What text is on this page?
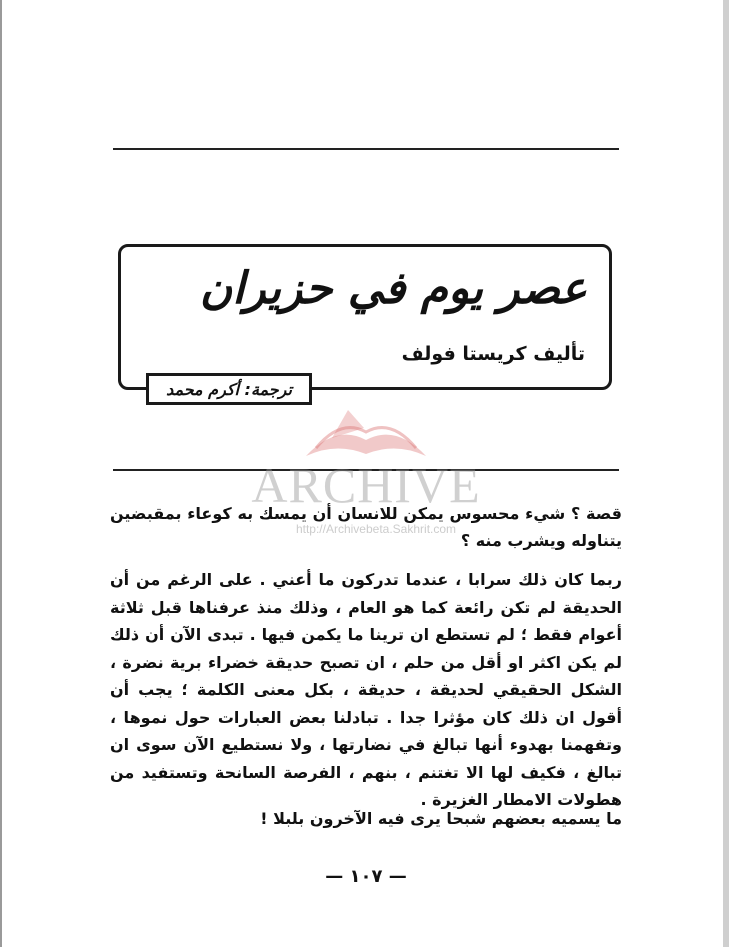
عصر يوم في حزيران
تأليف كريستا فولف
ترجمة: أكرم محمد
ARCHIVE
http://Archivebeta.Sakhrit.com
قصة ؟ شيء محسوس يمكن للانسان أن يمسك به كوعاء بمقبضين يتناوله ويشرب منه ؟
ربما كان ذلك سرابا ، عندما تدركون ما أعني . على الرغم من أن الحديقة لم تكن رائعة كما هو العام ، وذلك منذ عرفناها قبل ثلاثة أعوام فقط ؛ لم تستطع ان ترينا ما يكمن فيها . تبدى الآن أن ذلك لم يكن اكثر او أقل من حلم ، ان تصبح حديقة خضراء برية نضرة ، الشكل الحقيقي لحديقة ، حديقة ، بكل معنى الكلمة ؛ يجب أن أقول ان ذلك كان مؤثرا جدا . تبادلنا بعض العبارات حول نموها ، وتفهمنا بهدوء أنها تبالغ في نضارتها ، ولا نستطيع الآن سوى ان تبالغ ، فكيف لها الا تغتنم ، بنهم ، الفرصة السانحة وتستفيد من هطولات الامطار الغزيرة .
ما يسميه بعضهم شبحا يرى فيه الآخرون بلبلا !
— ١٠٧ —
